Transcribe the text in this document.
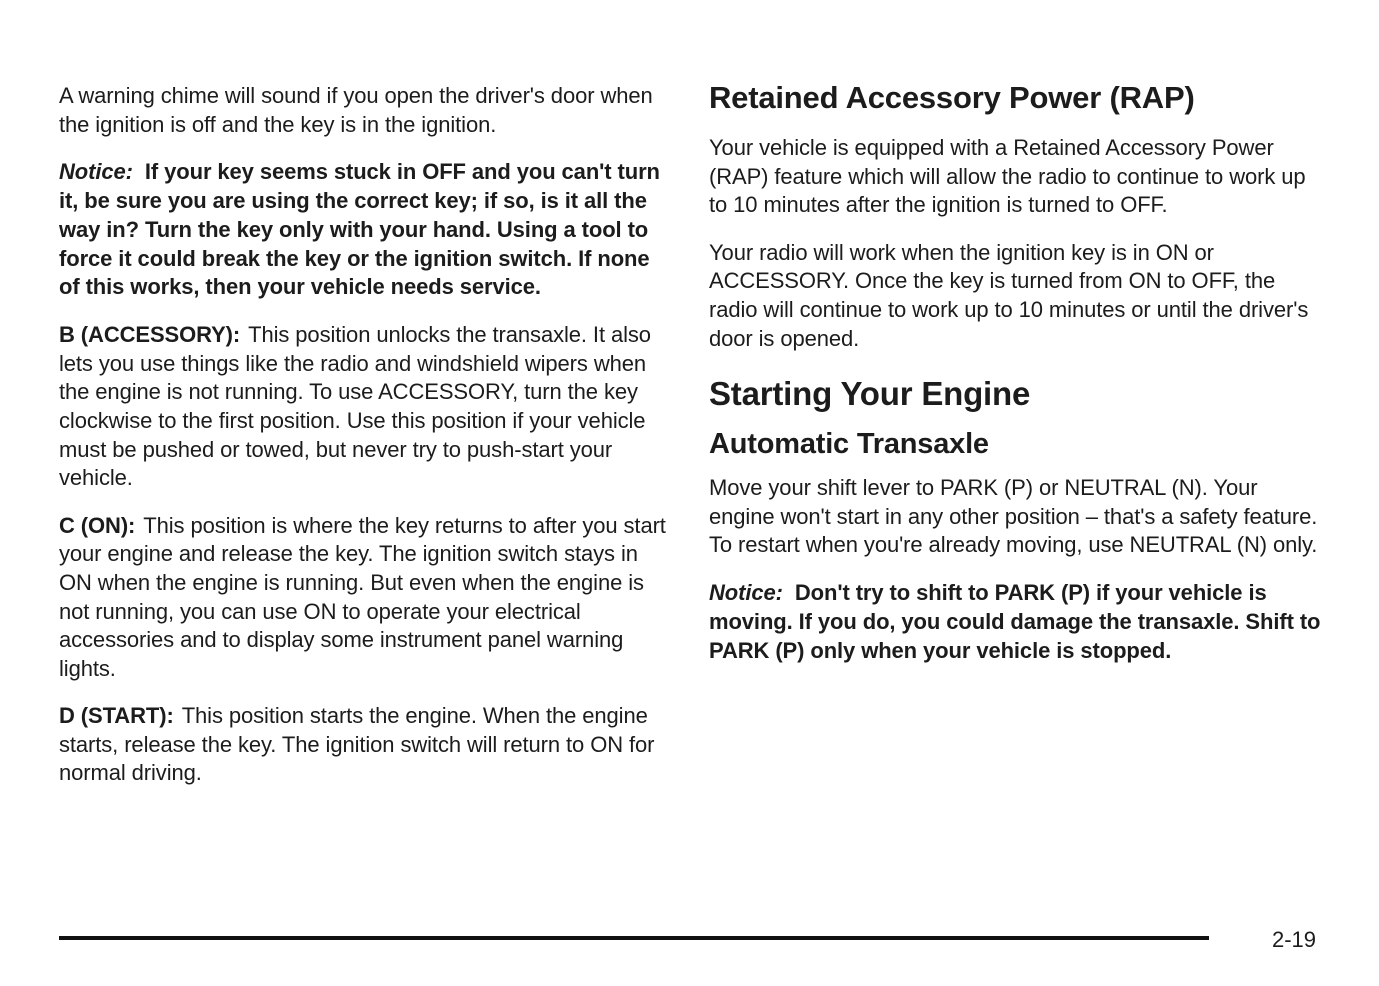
A warning chime will sound if you open the driver's door when the ignition is off and the key is in the ignition.

Notice: If your key seems stuck in OFF and you can't turn it, be sure you are using the correct key; if so, is it all the way in? Turn the key only with your hand. Using a tool to force it could break the key or the ignition switch. If none of this works, then your vehicle needs service.

B (ACCESSORY): This position unlocks the transaxle. It also lets you use things like the radio and windshield wipers when the engine is not running. To use ACCESSORY, turn the key clockwise to the first position. Use this position if your vehicle must be pushed or towed, but never try to push-start your vehicle.

C (ON): This position is where the key returns to after you start your engine and release the key. The ignition switch stays in ON when the engine is running. But even when the engine is not running, you can use ON to operate your electrical accessories and to display some instrument panel warning lights.

D (START): This position starts the engine. When the engine starts, release the key. The ignition switch will return to ON for normal driving.

Retained Accessory Power (RAP)

Your vehicle is equipped with a Retained Accessory Power (RAP) feature which will allow the radio to continue to work up to 10 minutes after the ignition is turned to OFF.

Your radio will work when the ignition key is in ON or ACCESSORY. Once the key is turned from ON to OFF, the radio will continue to work up to 10 minutes or until the driver's door is opened.

Starting Your Engine
Automatic Transaxle

Move your shift lever to PARK (P) or NEUTRAL (N). Your engine won't start in any other position – that's a safety feature. To restart when you're already moving, use NEUTRAL (N) only.

Notice: Don't try to shift to PARK (P) if your vehicle is moving. If you do, you could damage the transaxle. Shift to PARK (P) only when your vehicle is stopped.

2-19
